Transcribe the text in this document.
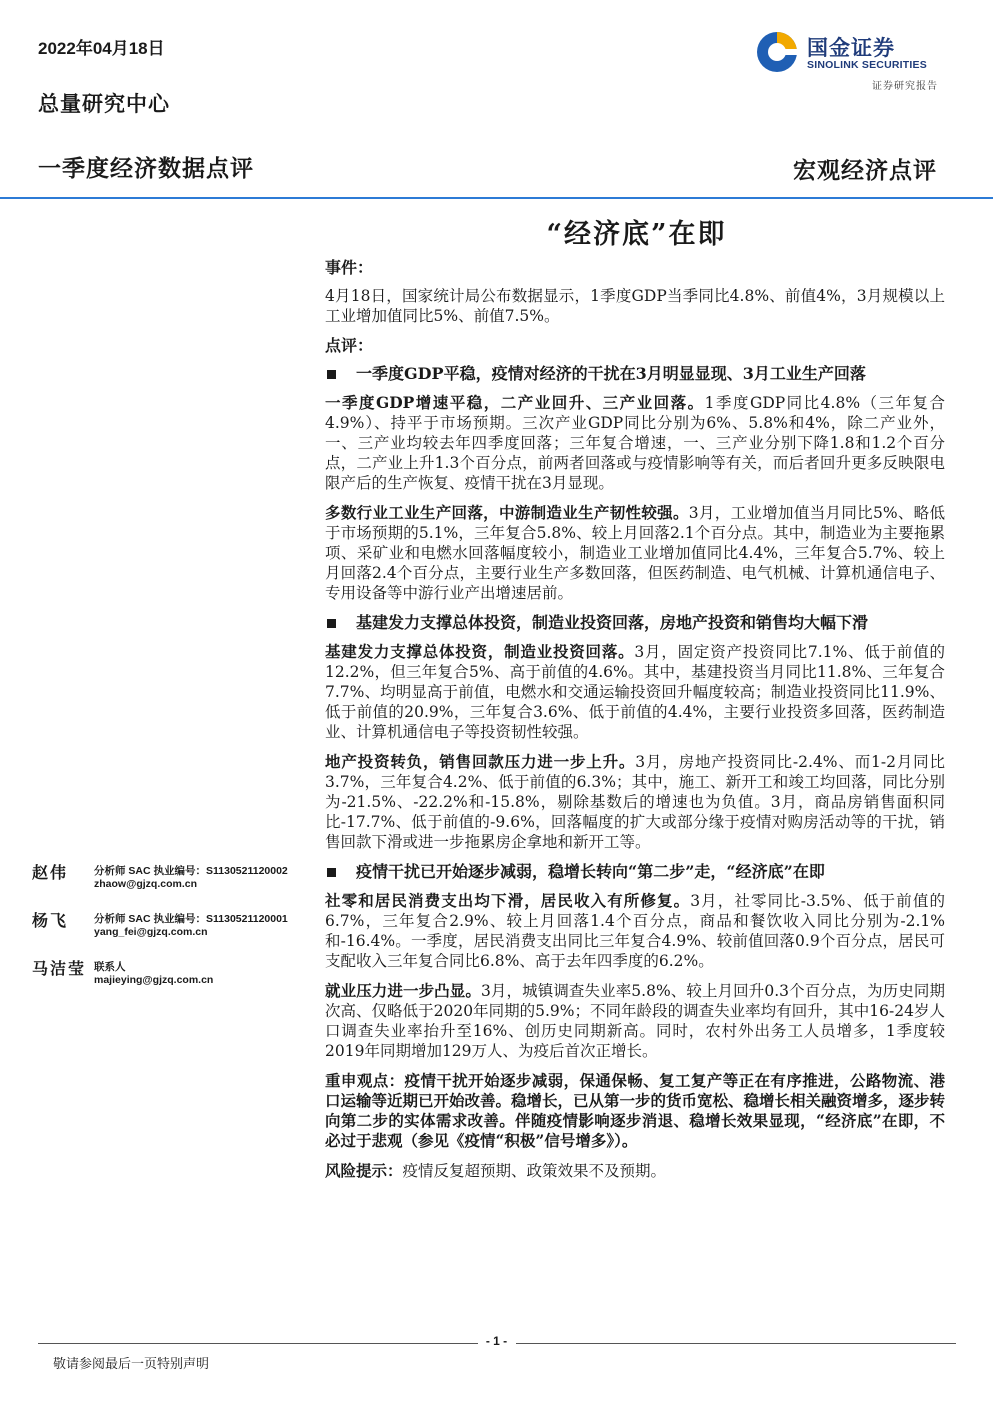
2022年04月18日
总量研究中心
一季度经济数据点评	宏观经济点评
国金证券
SINOLINK SECURITIES
证券研究报告
“经济底”在即
事件：

4月18日，国家统计局公布数据显示，1季度GDP当季同比4.8%、前值4%，3月规模以上工业增加值同比5%、前值7.5%。

点评：
一季度GDP平稳，疫情对经济的干扰在3月明显显现、3月工业生产回落

一季度GDP增速平稳，二产业回升、三产业回落。1季度GDP同比4.8%（三年复合4.9%）、持平于市场预期。三次产业GDP同比分别为6%、5.8%和4%，除二产业外，一、三产业均较去年四季度回落；三年复合增速，一、三产业分别下降1.8和1.2个百分点，二产业上升1.3个百分点，前两者回落或与疫情影响等有关，而后者回升更多反映限电限产后的生产恢复、疫情干扰在3月显现。

多数行业工业生产回落，中游制造业生产韧性较强。3月，工业增加值当月同比5%、略低于市场预期的5.1%，三年复合5.8%、较上月回落2.1个百分点。其中，制造业为主要拖累项、采矿业和电燃水回落幅度较小，制造业工业增加值同比4.4%，三年复合5.7%、较上月回落2.4个百分点，主要行业生产多数回落，但医药制造、电气机械、计算机通信电子、专用设备等中游行业产出增速居前。

基建发力支撑总体投资，制造业投资回落，房地产投资和销售均大幅下滑

基建发力支撑总体投资，制造业投资回落。3月，固定资产投资同比7.1%、低于前值的12.2%，但三年复合5%、高于前值的4.6%。其中，基建投资当月同比11.8%、三年复合7.7%、均明显高于前值，电燃水和交通运输投资回升幅度较高；制造业投资同比11.9%、低于前值的20.9%，三年复合3.6%、低于前值的4.4%，主要行业投资多回落，医药制造业、计算机通信电子等投资韧性较强。

地产投资转负，销售回款压力进一步上升。3月，房地产投资同比-2.4%、而1-2月同比3.7%，三年复合4.2%、低于前值的6.3%；其中，施工、新开工和竣工均回落，同比分别为-21.5%、-22.2%和-15.8%，剔除基数后的增速也为负值。3月，商品房销售面积同比-17.7%、低于前值的-9.6%，回落幅度的扩大或部分缘于疫情对购房活动等的干扰，销售回款下滑或进一步拖累房企拿地和新开工等。

疫情干扰已开始逐步减弱，稳增长转向“第二步”走，“经济底”在即

社零和居民消费支出均下滑，居民收入有所修复。3月，社零同比-3.5%、低于前值的6.7%，三年复合2.9%、较上月回落1.4个百分点，商品和餐饮收入同比分别为-2.1%和-16.4%。一季度，居民消费支出同比三年复合4.9%、较前值回落0.9个百分点，居民可支配收入三年复合同比6.8%、高于去年四季度的6.2%。

就业压力进一步凸显。3月，城镇调查失业率5.8%、较上月回升0.3个百分点，为历史同期次高、仅略低于2020年同期的5.9%；不同年龄段的调查失业率均有回升，其中16-24岁人口调查失业率抬升至16%、创历史同期新高。同时，农村外出务工人员增多，1季度较2019年同期增加129万人、为疫后首次正增长。

重申观点：疫情干扰开始逐步减弱，保通保畅、复工复产等正在有序推进，公路物流、港口运输等近期已开始改善。稳增长，已从第一步的货币宽松、稳增长相关融资增多，逐步转向第二步的实体需求改善。伴随疫情影响逐步消退、稳增长效果显现，“经济底”在即，不必过于悲观（参见《疫情“积极”信号增多》）。

风险提示：疫情反复超预期、政策效果不及预期。

赵伟 分析师 SAC 执业编号：S1130521120002
zhaow@gjzq.com.cn
杨飞 分析师 SAC 执业编号：S1130521120001
yang_fei@gjzq.com.cn
马洁莹 联系人
majieying@gjzq.com.cn
- 1 -
敬请参阅最后一页特别声明
